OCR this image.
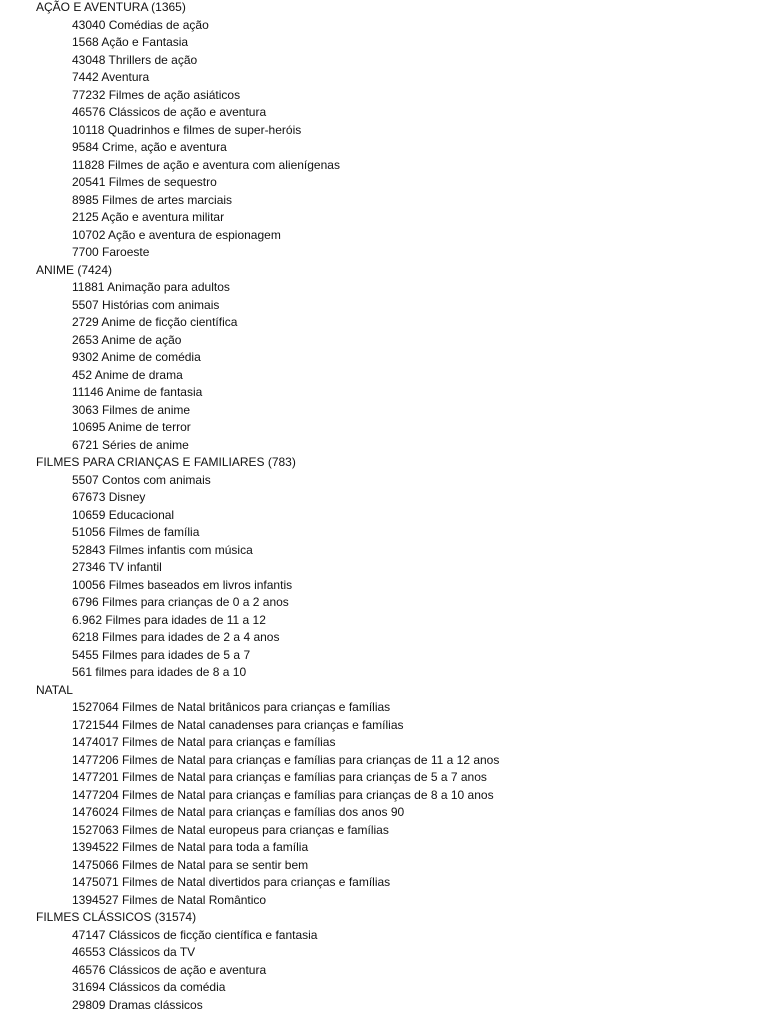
AÇÃO E AVENTURA (1365)
43040 Comédias de ação
1568 Ação e Fantasia
43048 Thrillers de ação
7442 Aventura
77232 Filmes de ação asiáticos
46576 Clássicos de ação e aventura
10118 Quadrinhos e filmes de super-heróis
9584 Crime, ação e aventura
11828 Filmes de ação e aventura com alienígenas
20541 Filmes de sequestro
8985 Filmes de artes marciais
2125 Ação e aventura militar
10702 Ação e aventura de espionagem
7700 Faroeste
ANIME (7424)
11881 Animação para adultos
5507 Histórias com animais
2729 Anime de ficção científica
2653 Anime de ação
9302 Anime de comédia
452 Anime de drama
11146 Anime de fantasia
3063 Filmes de anime
10695 Anime de terror
6721 Séries de anime
FILMES PARA CRIANÇAS E FAMILIARES (783)
5507 Contos com animais
67673 Disney
10659 Educacional
51056 Filmes de família
52843 Filmes infantis com música
27346 TV infantil
10056 Filmes baseados em livros infantis
6796 Filmes para crianças de 0 a 2 anos
6.962 Filmes para idades de 11 a 12
6218 Filmes para idades de 2 a 4 anos
5455 Filmes para idades de 5 a 7
561 filmes para idades de 8 a 10
NATAL
1527064 Filmes de Natal britânicos para crianças e famílias
1721544 Filmes de Natal canadenses para crianças e famílias
1474017 Filmes de Natal para crianças e famílias
1477206 Filmes de Natal para crianças e famílias para crianças de 11 a 12 anos
1477201 Filmes de Natal para crianças e famílias para crianças de 5 a 7 anos
1477204 Filmes de Natal para crianças e famílias para crianças de 8 a 10 anos
1476024 Filmes de Natal para crianças e famílias dos anos 90
1527063 Filmes de Natal europeus para crianças e famílias
1394522 Filmes de Natal para toda a família
1475066 Filmes de Natal para se sentir bem
1475071 Filmes de Natal divertidos para crianças e famílias
1394527 Filmes de Natal Romântico
FILMES CLÁSSICOS (31574)
47147 Clássicos de ficção científica e fantasia
46553 Clássicos da TV
46576 Clássicos de ação e aventura
31694 Clássicos da comédia
29809 Dramas clássicos
